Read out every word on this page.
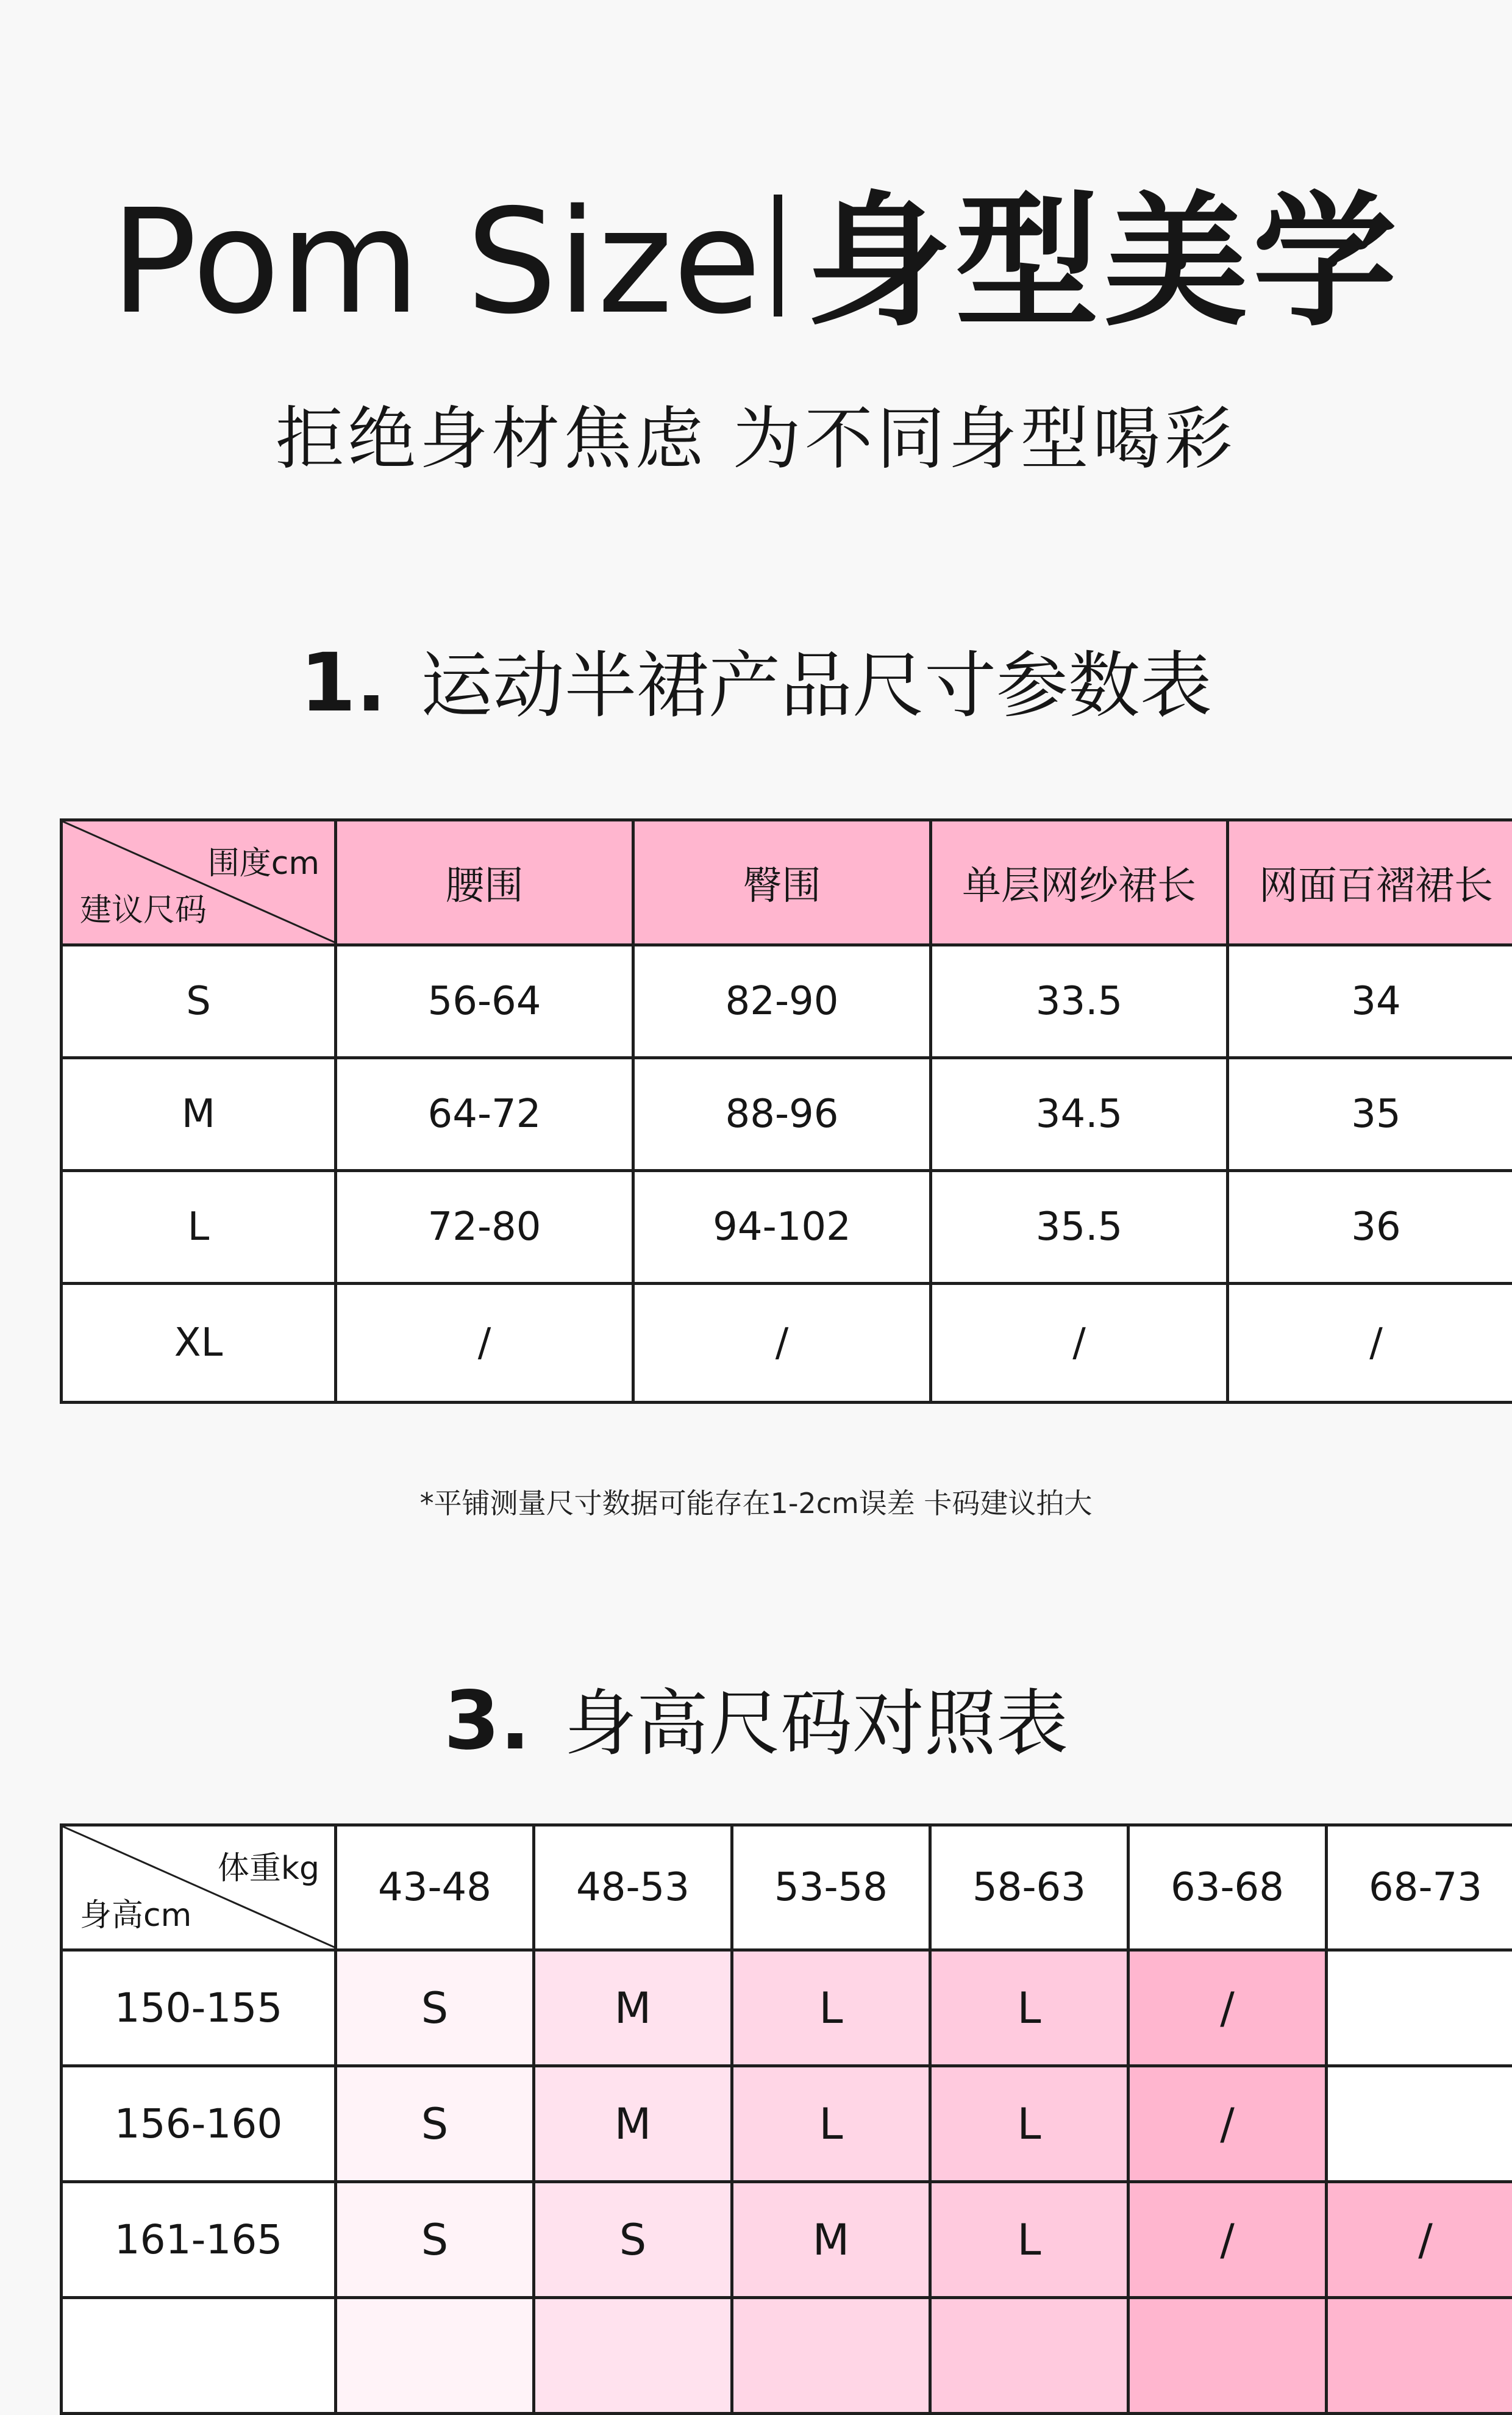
Pom Size 身型美学
拒绝身材焦虑 为不同身型喝彩
1. 运动半裙产品尺寸参数表
围度cm
建议尺码	腰围	臀围	单层网纱裙长	网面百褶裙长
S	56-64	82-90	33.5	34
M	64-72	88-96	34.5	35
L	72-80	94-102	35.5	36
XL	/	/	/	/
*平铺测量尺寸数据可能存在1-2cm误差 卡码建议拍大
3. 身高尺码对照表
体重kg
身高cm	43-48	48-53	53-58	58-63	63-68	68-73
150-155	S	M	L	L	/	
156-160	S	M	L	L	/	
161-165	S	S	M	L	/	/
